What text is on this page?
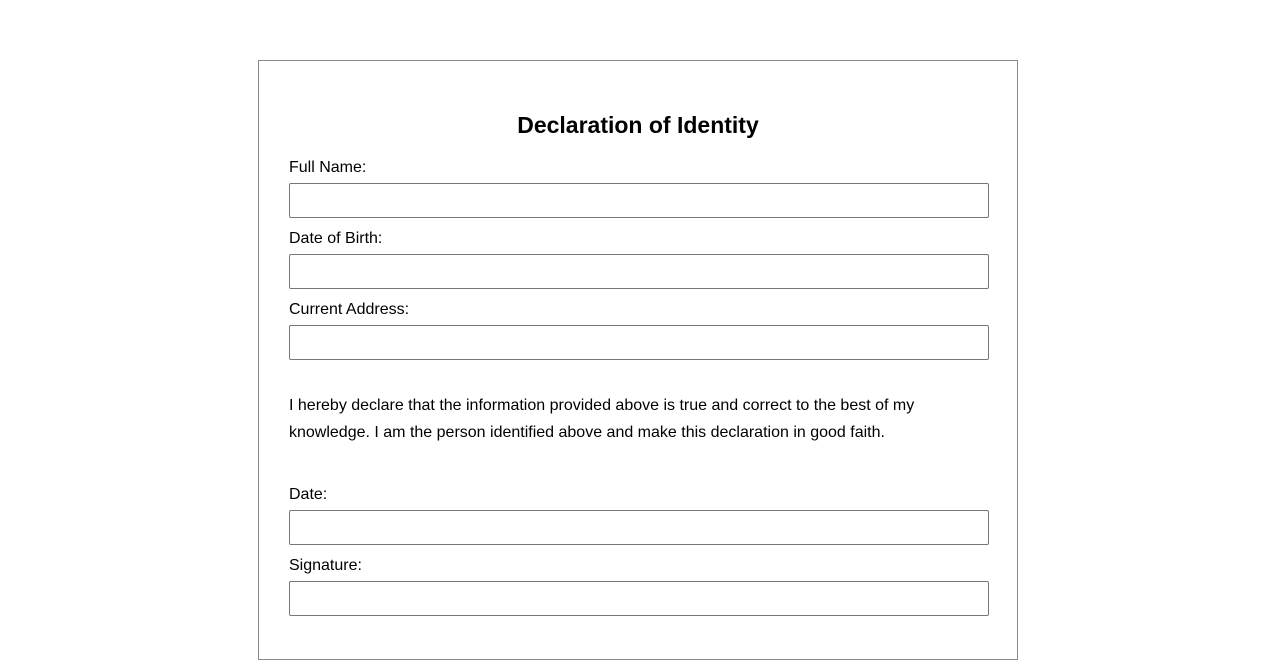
Declaration of Identity
Full Name:
Date of Birth:
Current Address:

I hereby declare that the information provided above is true and correct to the best of my knowledge. I am the person identified above and make this declaration in good faith.

Date:
Signature:
